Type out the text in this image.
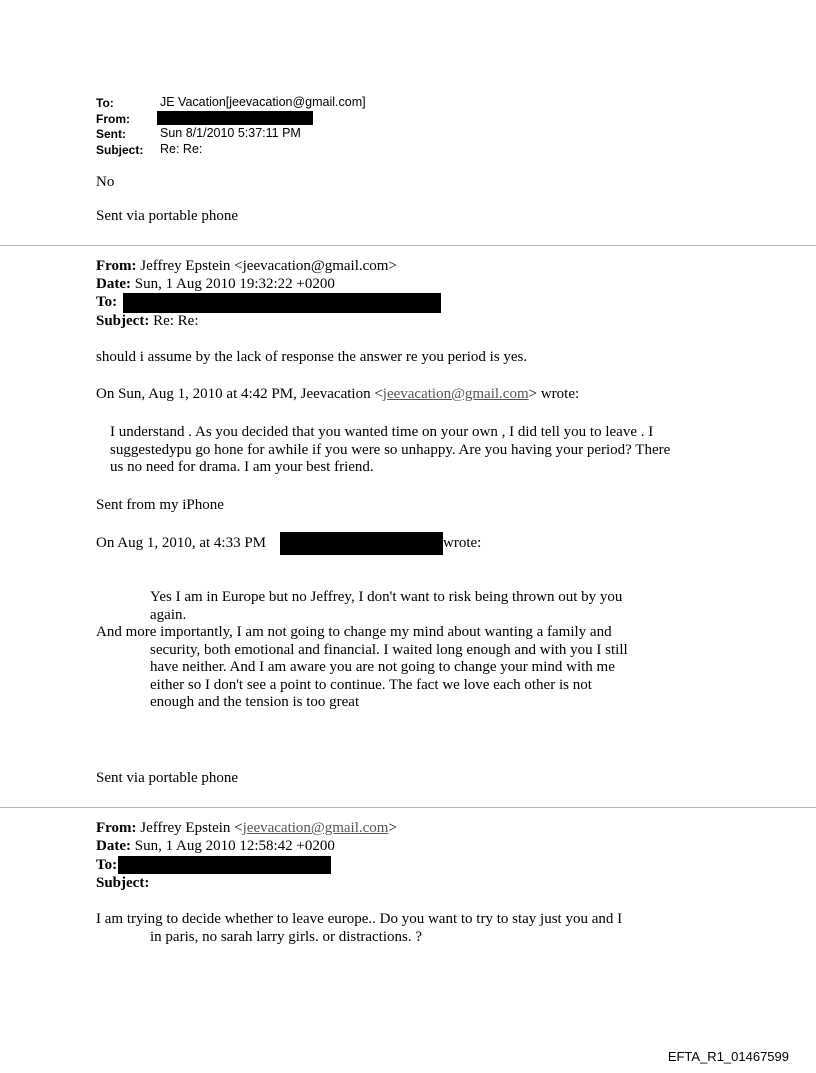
To:	JE Vacation[jeevacation@gmail.com]
From:
Sent:	Sun 8/1/2010 5:37:11 PM
Subject: Re: Re:
No
Sent via portable phone
From: Jeffrey Epstein <jeevacation@gmail.com>
Date: Sun, 1 Aug 2010 19:32:22 +0200
To:
Subject: Re: Re:
should i assume by the lack of response the answer re you period is yes.
On Sun, Aug 1, 2010 at 4:42 PM, Jeevacation <jeevacation@gmail.com> wrote:
I understand . As you decided that you wanted time on your own , I did tell you to leave . I
suggestedypu go hone for awhile if you were so unhappy. Are you having your period? There
us no need for drama. I am your best friend.
Sent from my iPhone
On Aug 1, 2010, at 4:33 PM	wrote:
Yes I am in Europe but no Jeffrey, I don't want to risk being thrown out by you
again.
And more importantly, I am not going to change my mind about wanting a family and
security, both emotional and financial. I waited long enough and with you I still
have neither. And I am aware you are not going to change your mind with me
either so I don't see a point to continue. The fact we love each other is not
enough and the tension is too great
Sent via portable phone
From: Jeffrey Epstein <jeevacation@gmail.com>
Date: Sun, 1 Aug 2010 12:58:42 +0200
To:
Subject:
I am trying to decide whether to leave europe.. Do you want to try to stay just you and I
in paris, no sarah larry girls. or distractions. ?
EFTA_R1_01467599
